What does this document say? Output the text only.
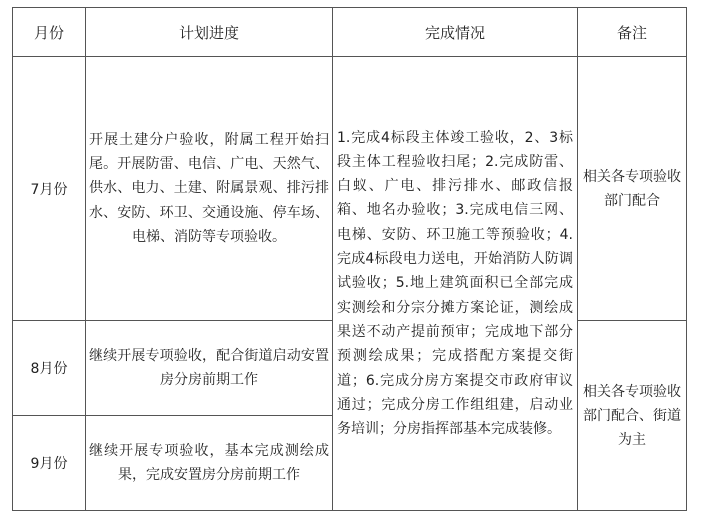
月份	计划进度	完成情况	备注
7月份	开展土建分户验收，附属工程开始扫尾。开展防雷、电信、广电、天然气、供水、电力、土建、附属景观、排污排水、安防、环卫、交通设施、停车场、电梯、消防等专项验收。	1.完成4标段主体竣工验收，2、3标段主体工程验收扫尾；2.完成防雷、白蚁、广电、排污排水、邮政信报箱、地名办验收；3.完成电信三网、电梯、安防、环卫施工等预验收；4.完成4标段电力送电，开始消防人防调试验收；5.地上建筑面积已全部完成实测绘和分宗分摊方案论证，测绘成果送不动产提前预审；完成地下部分预测绘成果；完成搭配方案提交街道；6.完成分房方案提交市政府审议通过；完成分房工作组组建，启动业务培训；分房指挥部基本完成装修。	相关各专项验收部门配合
8月份	继续开展专项验收，配合街道启动安置房分房前期工作		相关各专项验收部门配合、街道为主
9月份	继续开展专项验收，基本完成测绘成果，完成安置房分房前期工作		
